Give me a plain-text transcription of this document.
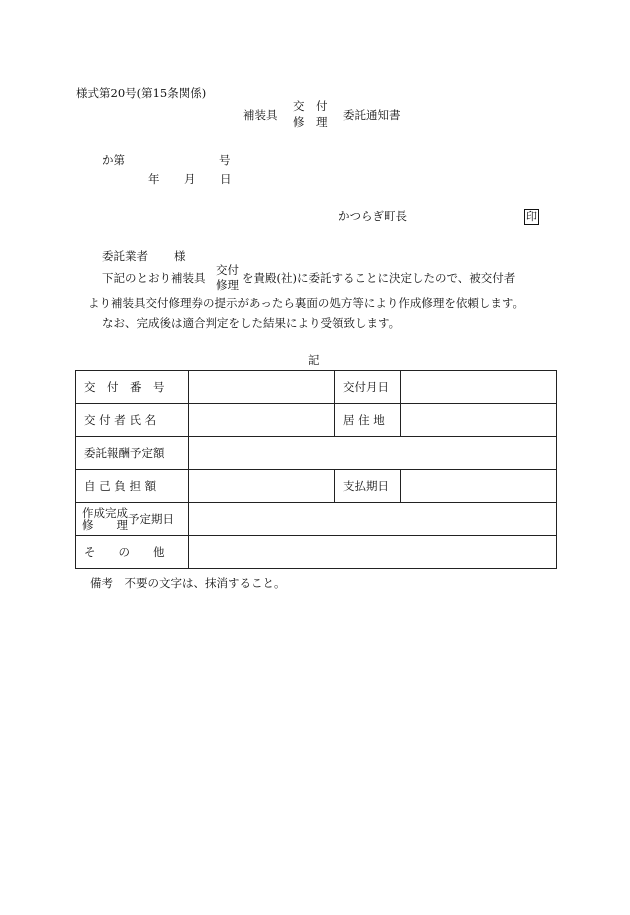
様式第20号(第15条関係)
補装具
交　付
修　理 委託通知書
か第	号
年 月 日
かつらぎ町長	印
委託業者 様
下記のとおり補装具
交付
修理 を貴殿(社)に委託することに決定したので、被交付者
より補装具交付修理券の提示があったら裏面の処方等により作成修理を依頼します。
なお、完成後は適合判定をした結果により受領致します。
記
交　付　番　号		交付月日	
交 付 者 氏 名		居 住 地	
委託報酬予定額			
自 己 負 担 額		支払期日	

作成完成
修　　理 予定期日			
そ　　の　　他			
備考　不要の文字は、抹消すること。
